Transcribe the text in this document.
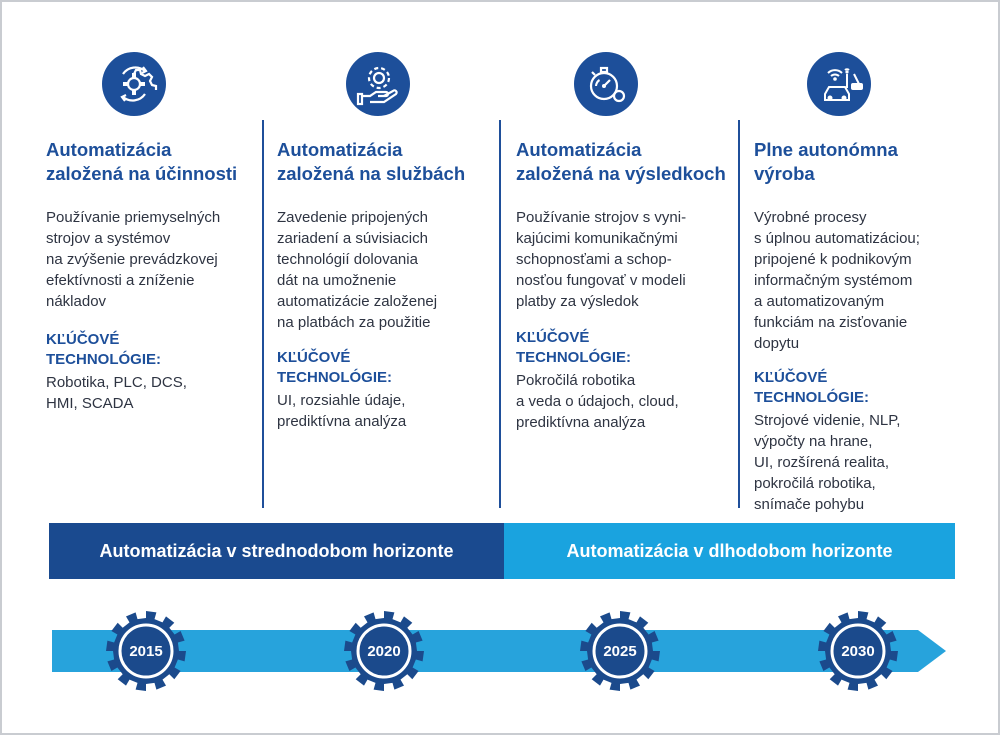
Automatizácia
založená na účinnosti
Používanie priemyselných
strojov a systémov
na zvýšenie prevádzkovej
efektívnosti a zníženie
nákladov
KĽÚČOVÉ
TECHNOLÓGIE:
Robotika, PLC, DCS,
HMI, SCADA
Automatizácia
založená na službách
Zavedenie pripojených
zariadení a súvisiacich
technológií dolovania
dát na umožnenie
automatizácie založenej
na platbách za použitie
KĽÚČOVÉ
TECHNOLÓGIE:
UI, rozsiahle údaje,
prediktívna analýza
Automatizácia
založená na výsledkoch
Používanie strojov s vyni-
kajúcimi komunikačnými
schopnosťami a schop-
nosťou fungovať v modeli
platby za výsledok
KĽÚČOVÉ
TECHNOLÓGIE:
Pokročilá robotika
a veda o údajoch, cloud,
prediktívna analýza
Plne autonómna
výroba
Výrobné procesy
s úplnou automatizáciou;
pripojené k podnikovým
informačným systémom
a automatizovaným
funkciám na zisťovanie
dopytu
KĽÚČOVÉ
TECHNOLÓGIE:
Strojové videnie, NLP,
výpočty na hrane,
UI, rozšírená realita,
pokročilá robotika,
snímače pohybu
Automatizácia v strednodobom horizonte	Automatizácia v dlhodobom horizonte
2015	2020	2025	2030
